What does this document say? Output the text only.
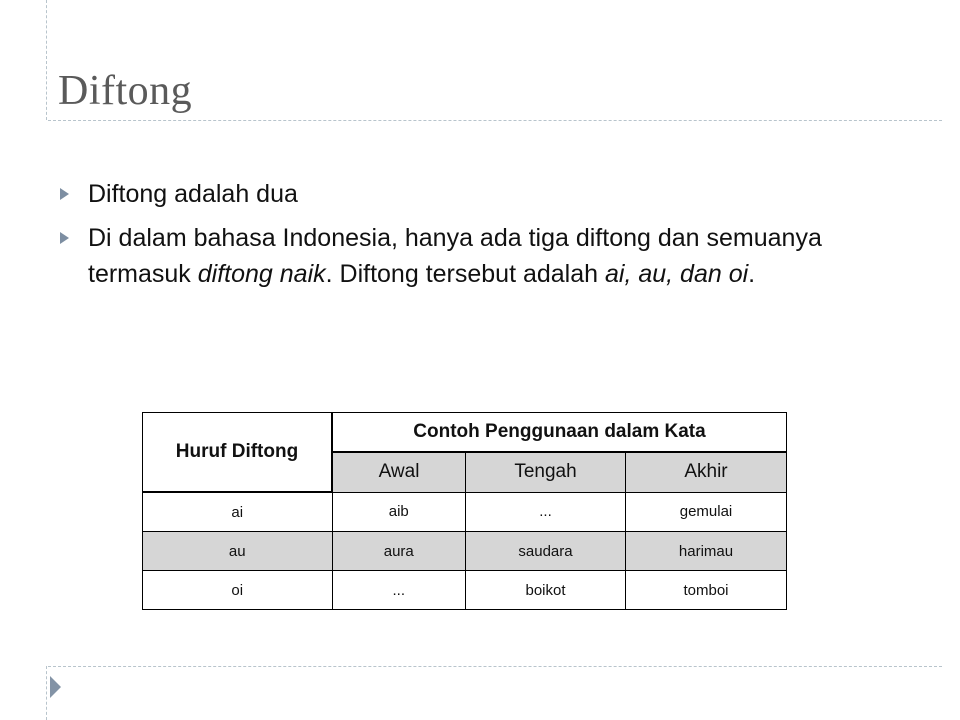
Diftong
Diftong adalah dua
Di dalam bahasa Indonesia, hanya ada tiga diftong dan semuanya termasuk diftong naik. Diftong tersebut adalah ai, au, dan oi.
Huruf Diftong	Contoh Penggunaan dalam Kata		
	Awal	Tengah	Akhir
ai	aib	...	gemulai
au	aura	saudara	harimau
oi	...	boikot	tomboi
